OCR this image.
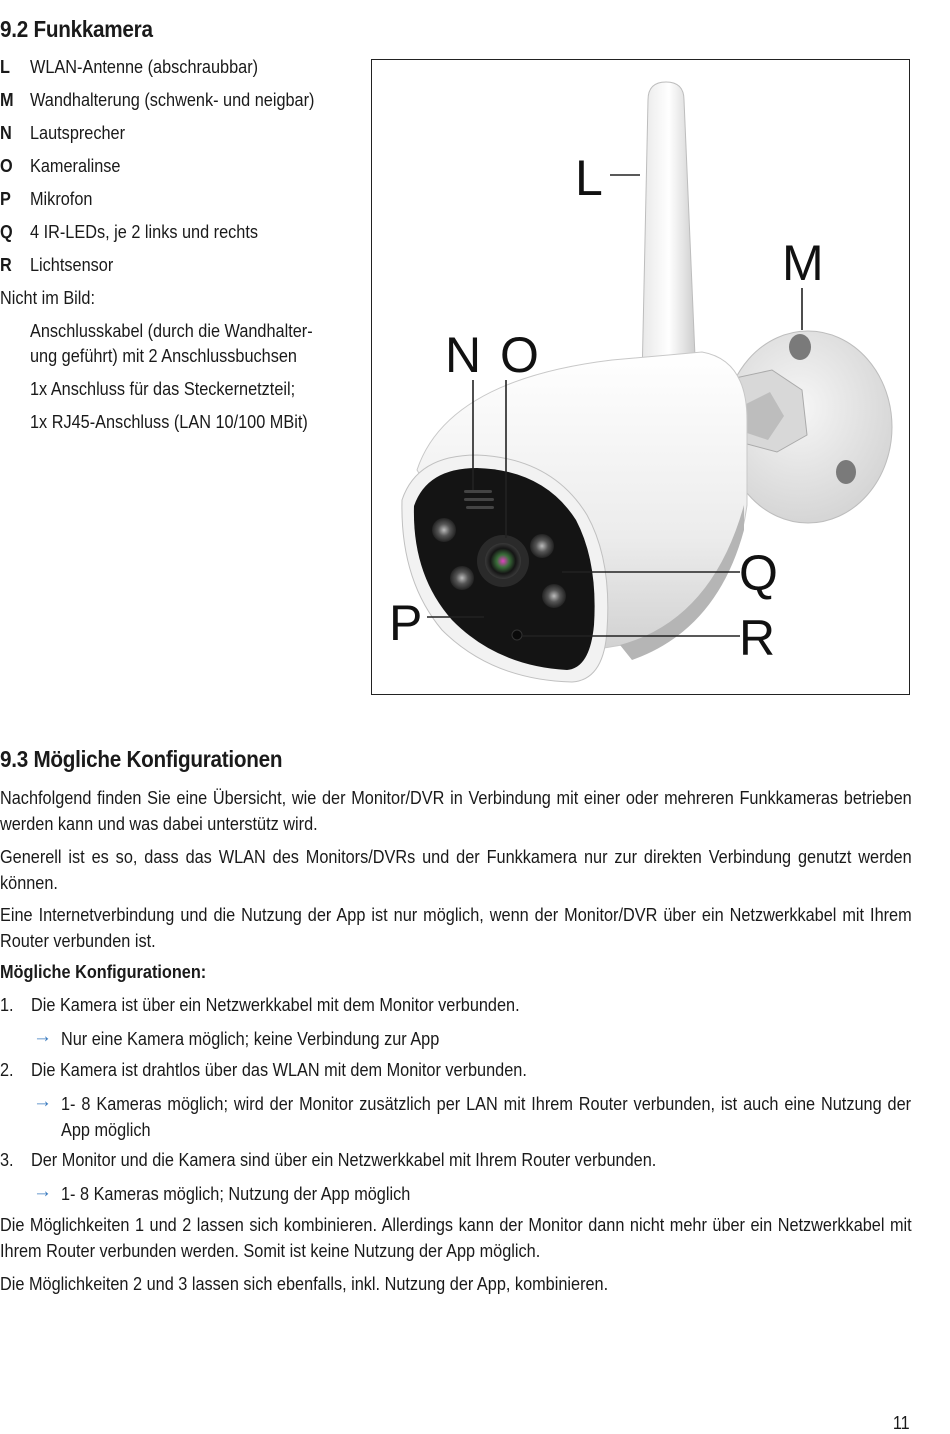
9.2 Funkkamera
L WLAN-Antenne (abschraubbar)
M Wandhalterung (schwenk- und neigbar)
N Lautsprecher
O Kameralinse
P Mikrofon
Q 4 IR-LEDs, je 2 links und rechts
R Lichtsensor
Nicht im Bild:
Anschlusskabel (durch die Wandhalter-
ung geführt) mit 2 Anschlussbuchsen
1x Anschluss für das Steckernetzteil;
1x RJ45-Anschluss (LAN 10/100 MBit)
L
M
N O
P
Q
R
9.3 Mögliche Konfigurationen
Nachfolgend finden Sie eine Übersicht, wie der Monitor/DVR in Verbindung mit einer oder mehreren Funkkameras betrieben werden kann und was dabei unterstütz wird.
Generell ist es so, dass das WLAN des Monitors/DVRs und der Funkkamera nur zur direkten Verbindung genutzt werden können.
Eine Internetverbindung und die Nutzung der App ist nur möglich, wenn der Monitor/DVR über ein Netzwerkkabel mit Ihrem Router verbunden ist.
Mögliche Konfigurationen:
1. Die Kamera ist über ein Netzwerkkabel mit dem Monitor verbunden.
→ Nur eine Kamera möglich; keine Verbindung zur App
2. Die Kamera ist drahtlos über das WLAN mit dem Monitor verbunden.
→ 1- 8 Kameras möglich; wird der Monitor zusätzlich per LAN mit Ihrem Router verbunden, ist auch eine Nutzung der App möglich
3. Der Monitor und die Kamera sind über ein Netzwerkkabel mit Ihrem Router verbunden.
→ 1- 8 Kameras möglich; Nutzung der App möglich
Die Möglichkeiten 1 und 2 lassen sich kombinieren. Allerdings kann der Monitor dann nicht mehr über ein Netzwerkkabel mit Ihrem Router verbunden werden. Somit ist keine Nutzung der App möglich.
Die Möglichkeiten 2 und 3 lassen sich ebenfalls, inkl. Nutzung der App, kombinieren.
11
